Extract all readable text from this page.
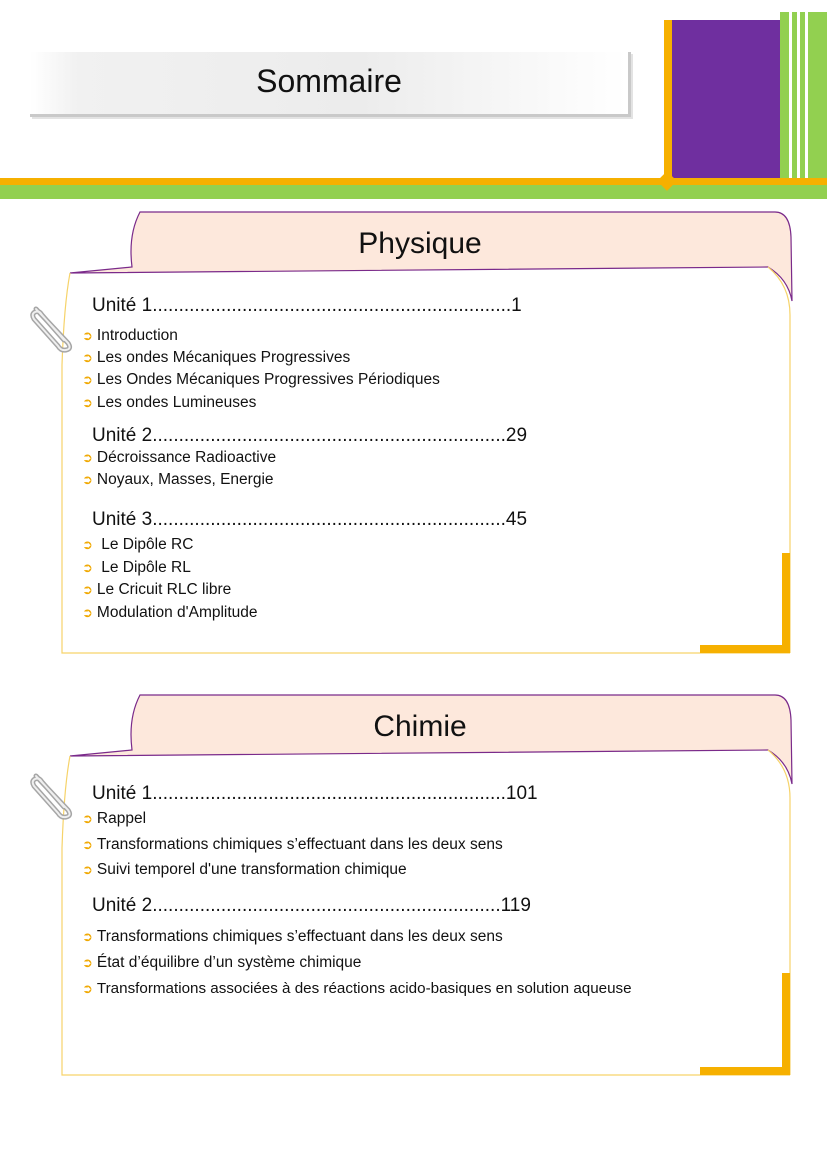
Sommaire
Physique
Unité 1....................................................................1
➲ Introduction
➲ Les ondes Mécaniques Progressives
➲ Les Ondes Mécaniques Progressives Périodiques
➲ Les ondes Lumineuses
Unité 2...................................................................29
➲ Décroissance Radioactive
➲ Noyaux, Masses, Energie
Unité 3...................................................................45
➲ Le Dipôle RC
➲ Le Dipôle RL
➲ Le Cricuit RLC libre
➲ Modulation d'Amplitude
Chimie
Unité 1...................................................................101
➲ Rappel
➲ Transformations chimiques s’effectuant dans les deux sens
➲ Suivi temporel d'une transformation chimique
Unité 2..................................................................119
➲ Transformations chimiques s’effectuant dans les deux sens
➲ État d’équilibre d’un système chimique
➲ Transformations associées à des réactions acido-basiques en solution aqueuse
